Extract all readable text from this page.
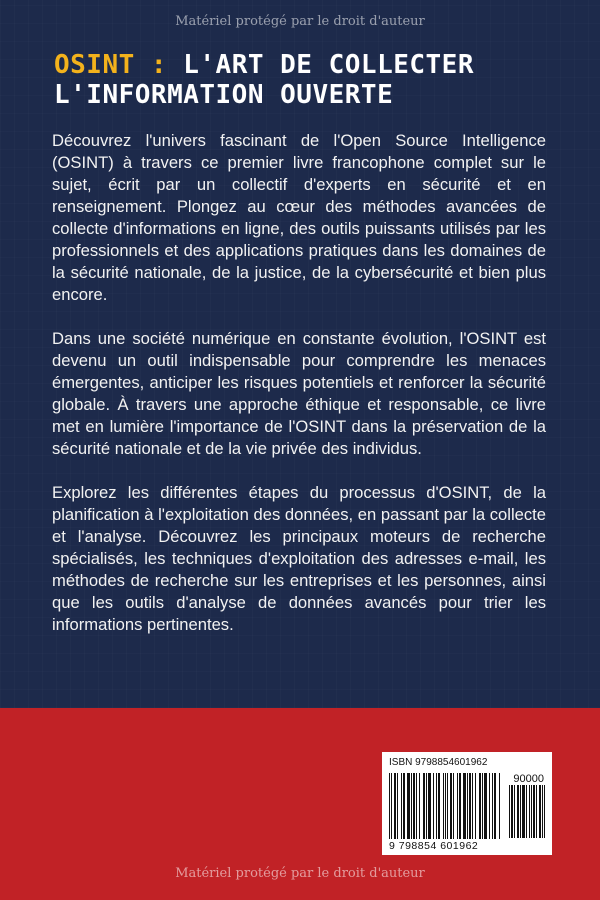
Matériel protégé par le droit d'auteur
OSINT : L'ART DE COLLECTER L'INFORMATION OUVERTE

Découvrez l'univers fascinant de l'Open Source Intelligence (OSINT) à travers ce premier livre francophone complet sur le sujet, écrit par un collectif d'experts en sécurité et en renseignement. Plongez au cœur des méthodes avancées de collecte d'informations en ligne, des outils puissants utilisés par les professionnels et des applications pratiques dans les domaines de la sécurité nationale, de la justice, de la cybersécurité et bien plus encore.

Dans une société numérique en constante évolution, l'OSINT est devenu un outil indispensable pour comprendre les menaces émergentes, anticiper les risques potentiels et renforcer la sécurité globale. À travers une approche éthique et responsable, ce livre met en lumière l'importance de l'OSINT dans la préservation de la sécurité nationale et de la vie privée des individus.

Explorez les différentes étapes du processus d'OSINT, de la planification à l'exploitation des données, en passant par la collecte et l'analyse. Découvrez les principaux moteurs de recherche spécialisés, les techniques d'exploitation des adresses e-mail, les méthodes de recherche sur les entreprises et les personnes, ainsi que les outils d'analyse de données avancés pour trier les informations pertinentes.

ISBN 9798854601962
90000
9 798854 601962
Matériel protégé par le droit d'auteur
